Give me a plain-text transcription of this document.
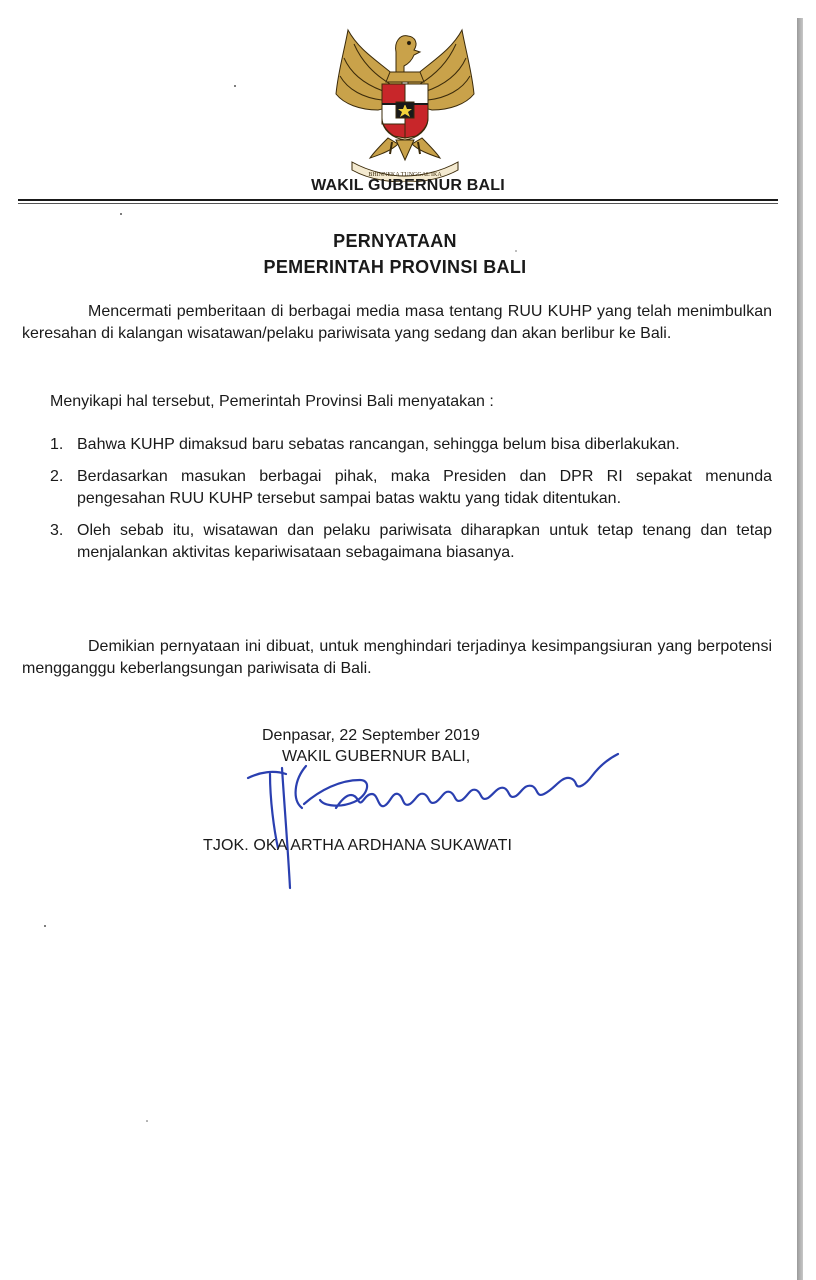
BHINNEKA TUNGGAL IKA
WAKIL GUBERNUR BALI
PERNYATAAN
PEMERINTAH PROVINSI BALI

Mencermati pemberitaan di berbagai media masa tentang RUU KUHP yang telah menimbulkan keresahan di kalangan wisatawan/pelaku pariwisata yang sedang dan akan berlibur ke Bali.

Menyikapi hal tersebut, Pemerintah Provinsi Bali menyatakan :

1. Bahwa KUHP dimaksud baru sebatas rancangan, sehingga belum bisa diberlakukan.
2. Berdasarkan masukan berbagai pihak, maka Presiden dan DPR RI sepakat menunda pengesahan RUU KUHP tersebut sampai batas waktu yang tidak ditentukan.
3. Oleh sebab itu, wisatawan dan pelaku pariwisata diharapkan untuk tetap tenang dan tetap menjalankan aktivitas kepariwisataan sebagaimana biasanya.

Demikian pernyataan ini dibuat, untuk menghindari terjadinya kesimpangsiuran yang berpotensi mengganggu keberlangsungan pariwisata di Bali.

Denpasar, 22 September 2019
WAKIL GUBERNUR BALI,
TJOK. OKA ARTHA ARDHANA SUKAWATI
